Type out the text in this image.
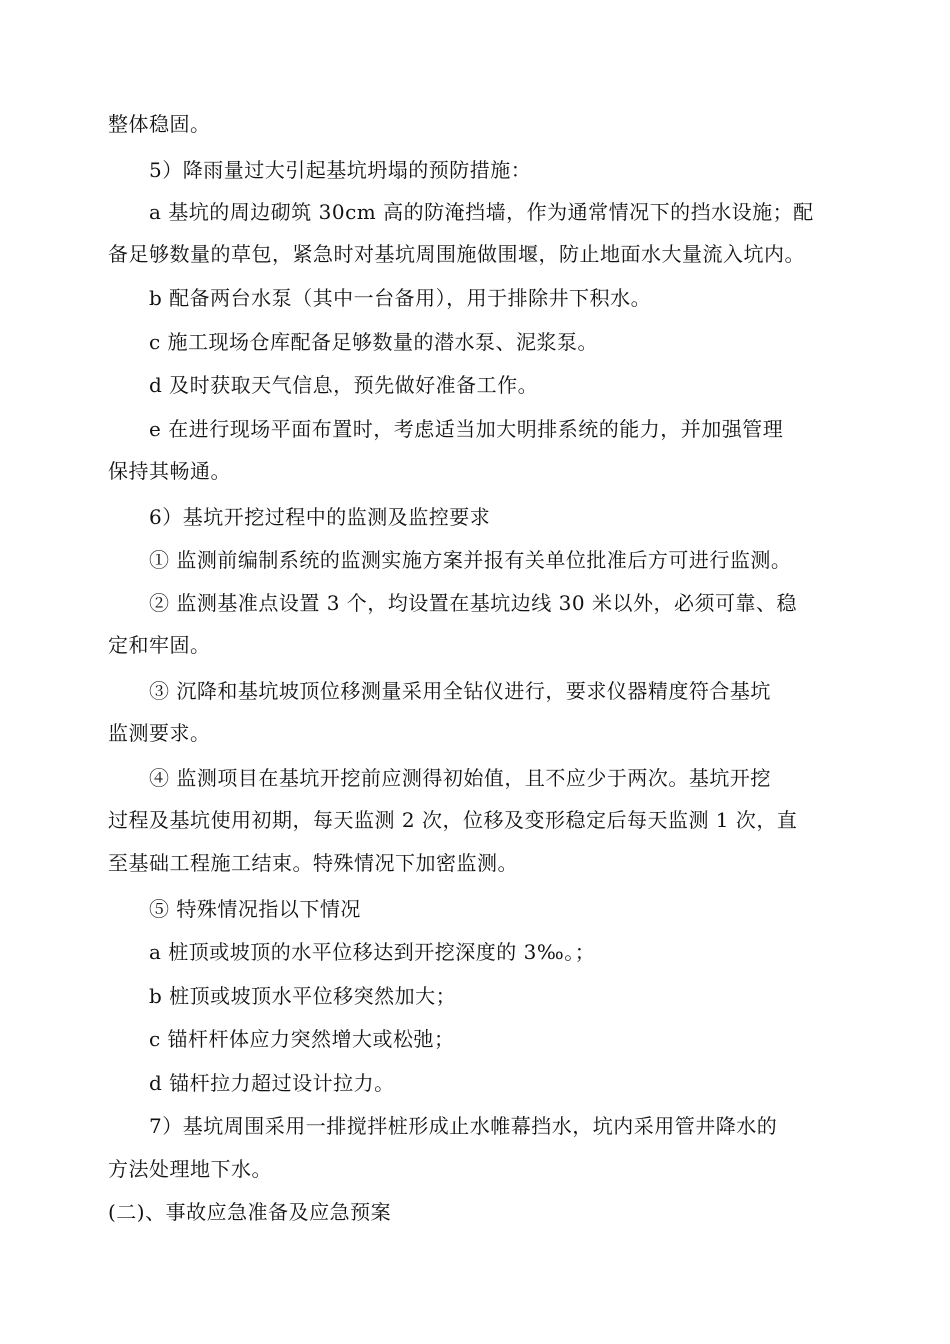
整体稳固。
5）降雨量过大引起基坑坍塌的预防措施：
a 基坑的周边砌筑 30cm 高的防淹挡墙，作为通常情况下的挡水设施；配
备足够数量的草包，紧急时对基坑周围施做围堰，防止地面水大量流入坑内。
b 配备两台水泵（其中一台备用），用于排除井下积水。
c 施工现场仓库配备足够数量的潜水泵、泥浆泵。
d 及时获取天气信息，预先做好准备工作。
e 在进行现场平面布置时，考虑适当加大明排系统的能力，并加强管理
保持其畅通。
6）基坑开挖过程中的监测及监控要求
① 监测前编制系统的监测实施方案并报有关单位批准后方可进行监测。
② 监测基准点设置 3 个，均设置在基坑边线 30 米以外，必须可靠、稳
定和牢固。
③ 沉降和基坑坡顶位移测量采用全钻仪进行，要求仪器精度符合基坑
监测要求。
④ 监测项目在基坑开挖前应测得初始值，且不应少于两次。基坑开挖
过程及基坑使用初期，每天监测 2 次，位移及变形稳定后每天监测 1 次，直
至基础工程施工结束。特殊情况下加密监测。
⑤ 特殊情况指以下情况
a 桩顶或坡顶的水平位移达到开挖深度的 3‰。；
b 桩顶或坡顶水平位移突然加大；
c 锚杆杆体应力突然增大或松弛；
d 锚杆拉力超过设计拉力。
7）基坑周围采用一排搅拌桩形成止水帷幕挡水，坑内采用管井降水的
方法处理地下水。
(二)、事故应急准备及应急预案
